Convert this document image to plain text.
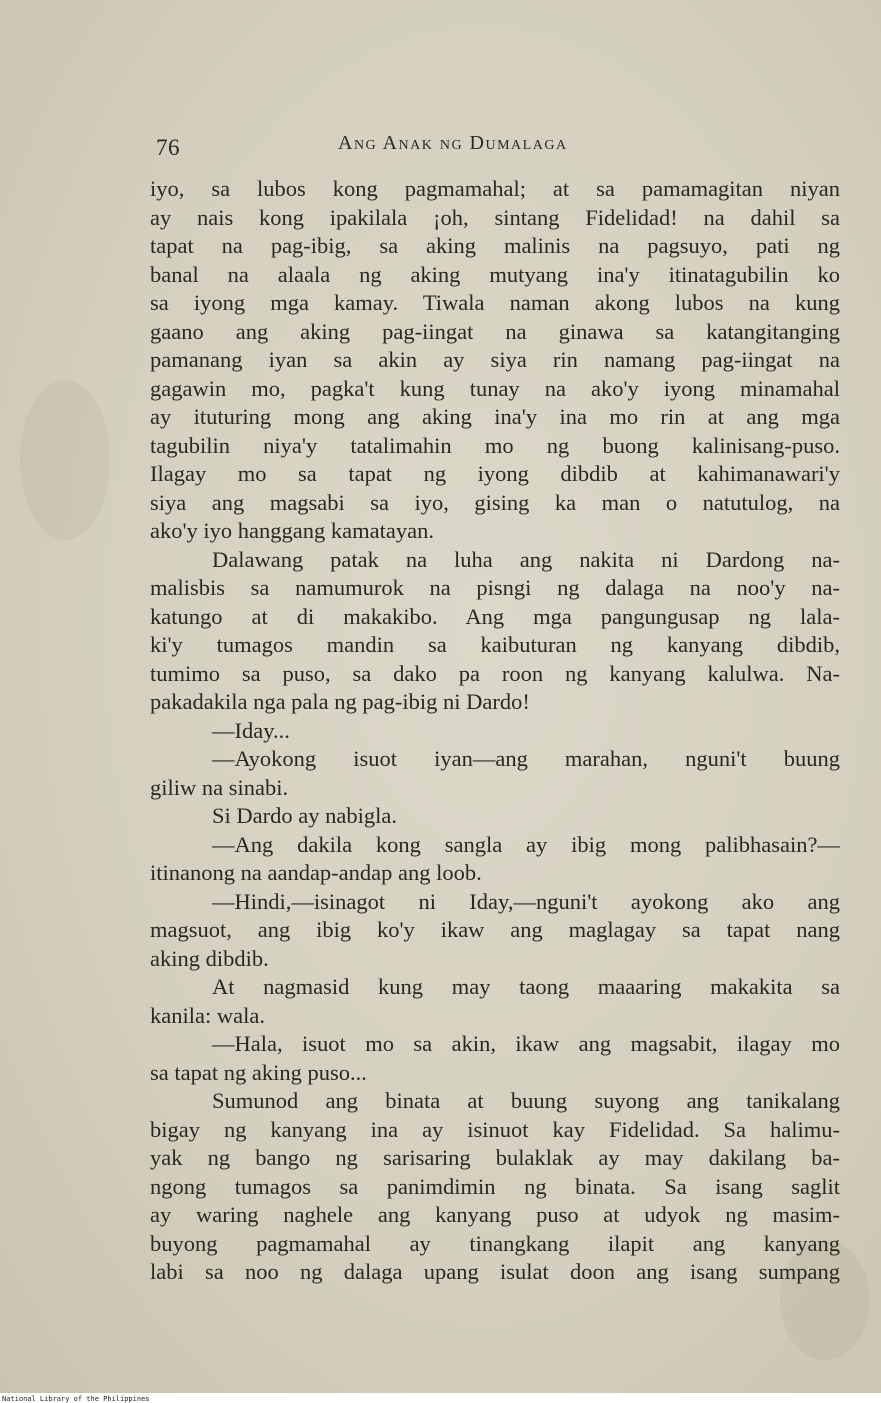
76	Ang Anak ng Dumalaga
iyo, sa lubos kong pagmamahal; at sa pamamagitan niyan
ay nais kong ipakilala ¡oh, sintang Fidelidad! na dahil sa
tapat na pag-ibig, sa aking malinis na pagsuyo, pati ng
banal na alaala ng aking mutyang ina'y itinatagubilin ko
sa iyong mga kamay. Tiwala naman akong lubos na kung
gaano ang aking pag-iingat na ginawa sa katangitanging
pamanang iyan sa akin ay siya rin namang pag-iingat na
gagawin mo, pagka't kung tunay na ako'y iyong minamahal
ay ituturing mong ang aking ina'y ina mo rin at ang mga
tagubilin niya'y tatalimahin mo ng buong kalinisang-puso.
Ilagay mo sa tapat ng iyong dibdib at kahimanawari'y
siya ang magsabi sa iyo, gising ka man o natutulog, na
ako'y iyo hanggang kamatayan.
Dalawang patak na luha ang nakita ni Dardong na-
malisbis sa namumurok na pisngi ng dalaga na noo'y na-
katungo at di makakibo. Ang mga pangungusap ng lala-
ki'y tumagos mandin sa kaibuturan ng kanyang dibdib,
tumimo sa puso, sa dako pa roon ng kanyang kalulwa. Na-
pakadakila nga pala ng pag-ibig ni Dardo!
—Iday...
—Ayokong isuot iyan—ang marahan, nguni't buung
giliw na sinabi.
Si Dardo ay nabigla.
—Ang dakila kong sangla ay ibig mong palibhasain?—
itinanong na aandap-andap ang loob.
—Hindi,—isinagot ni Iday,—nguni't ayokong ako ang
magsuot, ang ibig ko'y ikaw ang maglagay sa tapat nang
aking dibdib.
At nagmasid kung may taong maaaring makakita sa
kanila: wala.
—Hala, isuot mo sa akin, ikaw ang magsabit, ilagay mo
sa tapat ng aking puso...
Sumunod ang binata at buung suyong ang tanikalang
bigay ng kanyang ina ay isinuot kay Fidelidad. Sa halimu-
yak ng bango ng sarisaring bulaklak ay may dakilang ba-
ngong tumagos sa panimdimin ng binata. Sa isang saglit
ay waring naghele ang kanyang puso at udyok ng masim-
buyong pagmamahal ay tinangkang ilapit ang kanyang
labi sa noo ng dalaga upang isulat doon ang isang sumpang
National Library of the Philippines
